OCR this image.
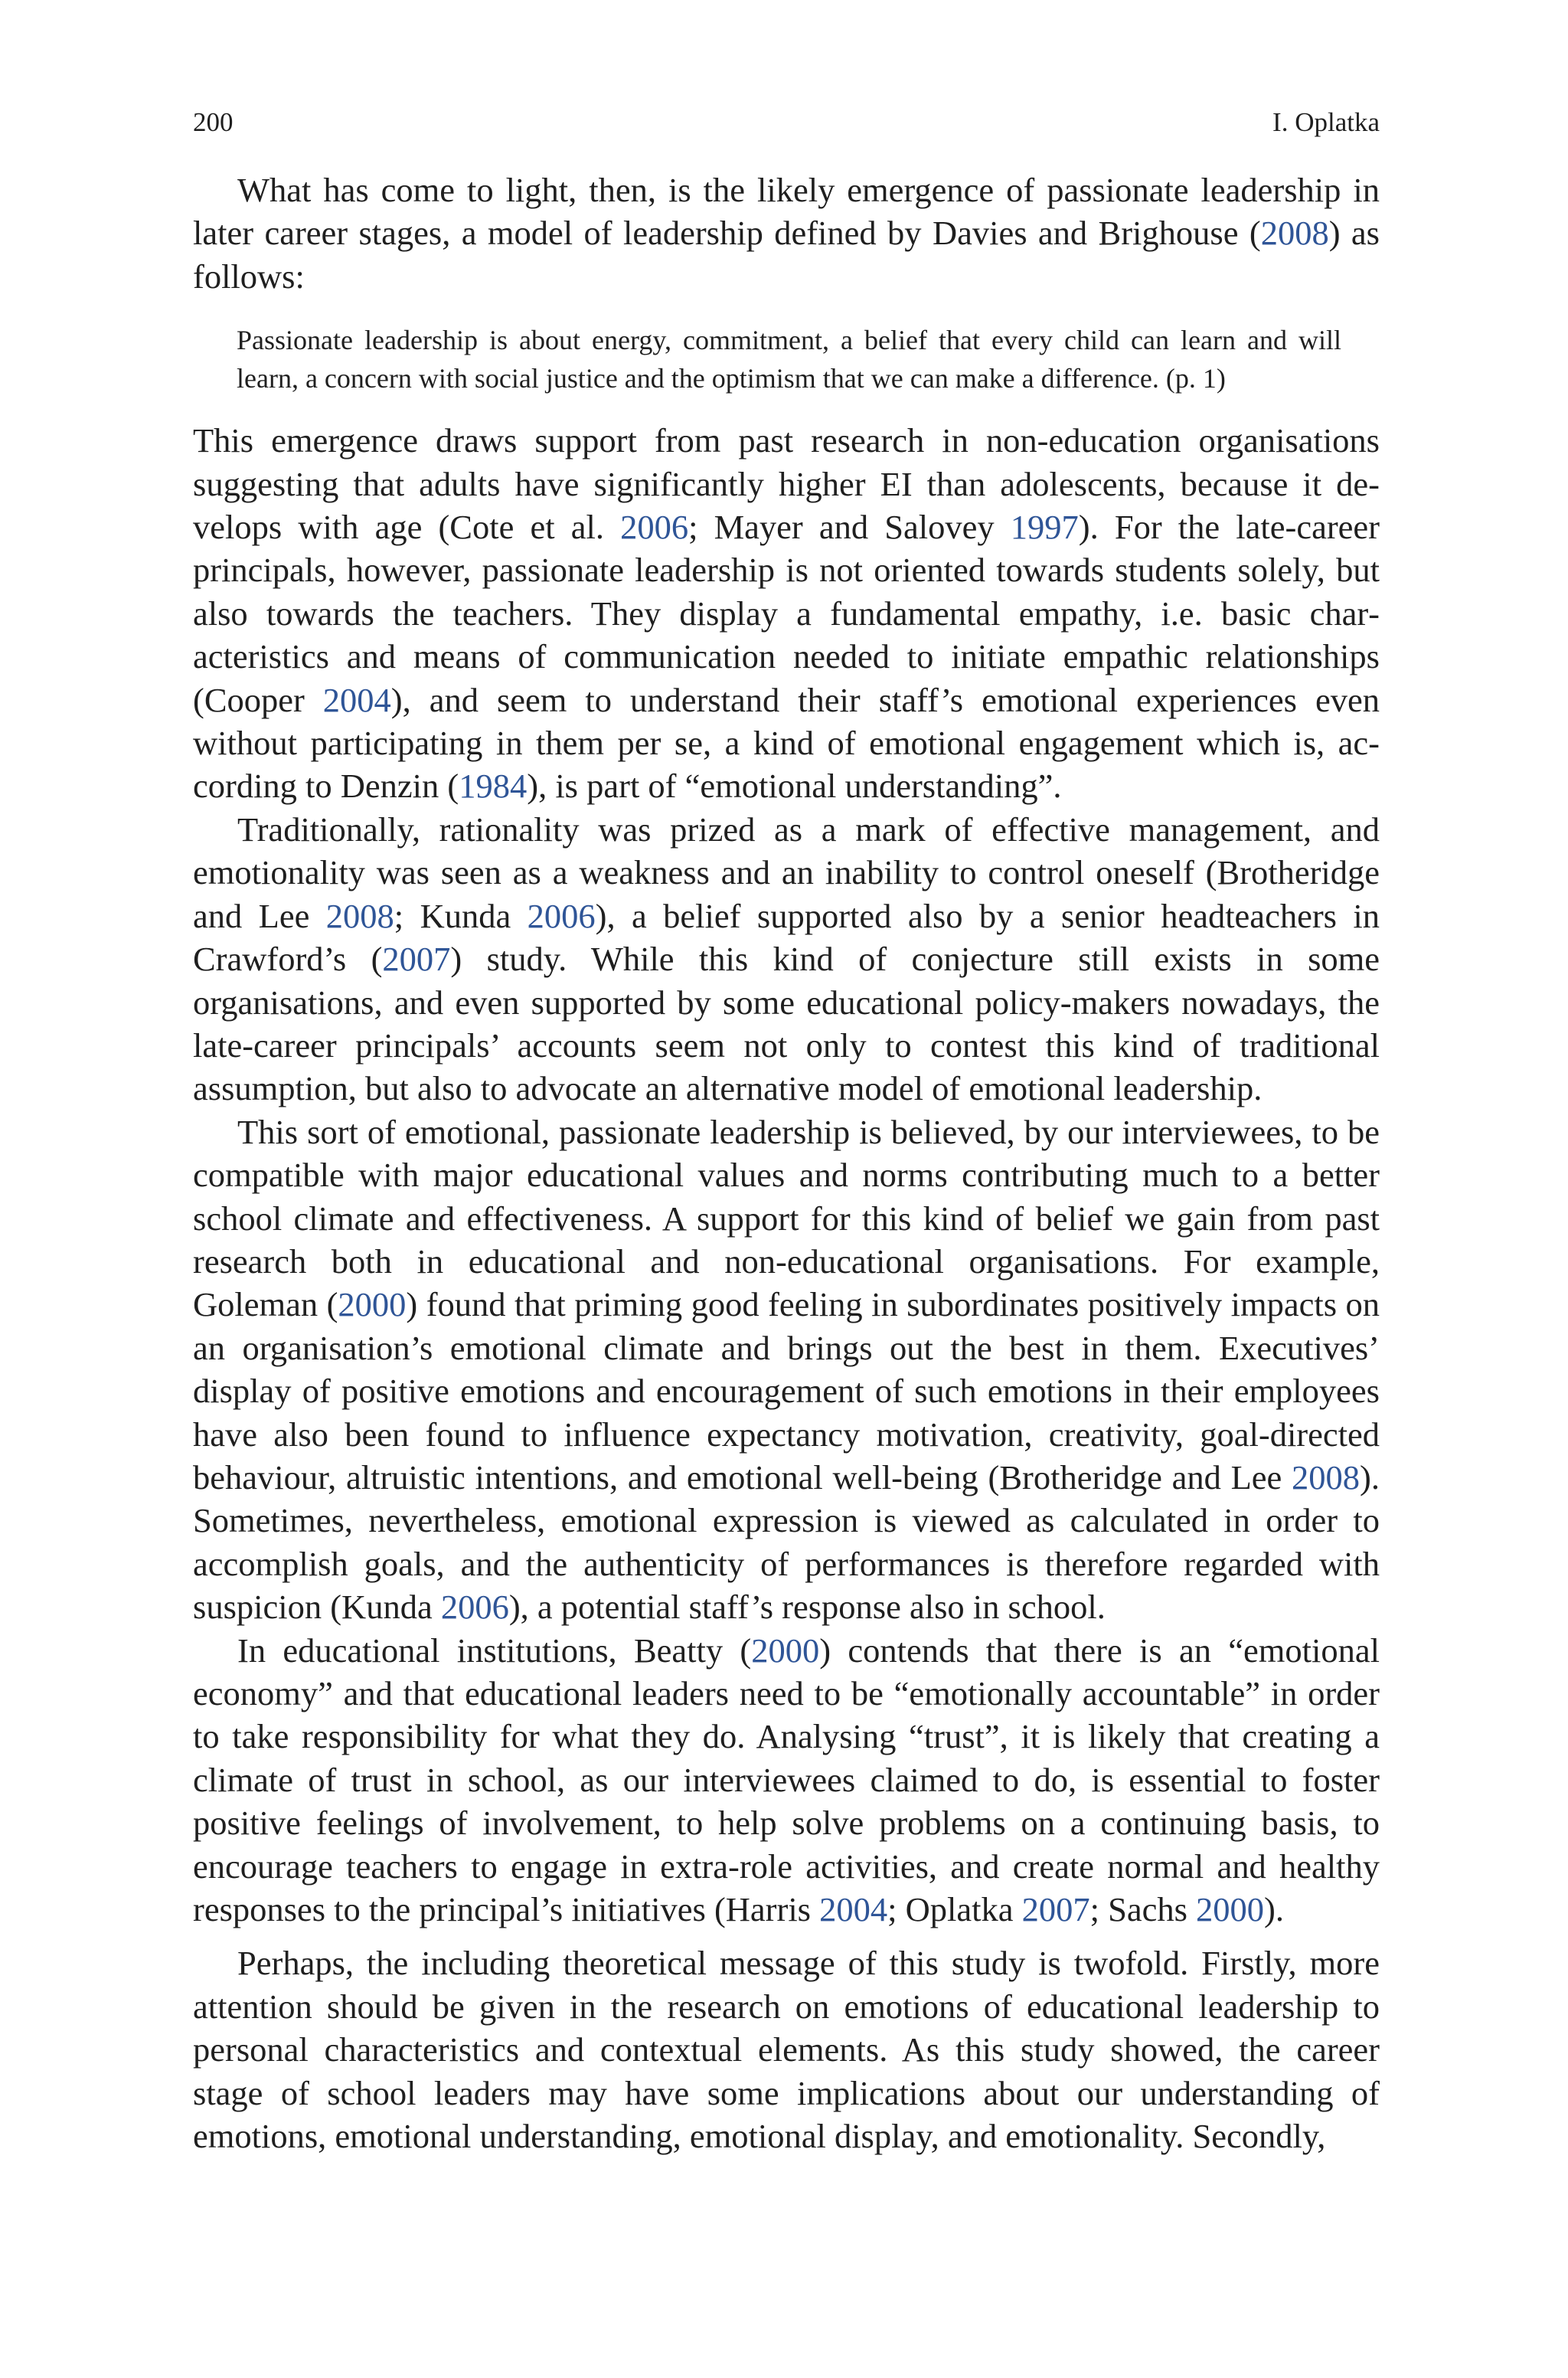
200	I. Oplatka

What has come to light, then, is the likely emergence of passionate leadership in later career stages, a model of leadership defined by Davies and Brighouse (2008) as follows:

Passionate leadership is about energy, commitment, a belief that every child can learn and will learn, a concern with social justice and the optimism that we can make a difference. (p. 1)

This emergence draws support from past research in non-education organisations suggesting that adults have significantly higher EI than adolescents, because it develops with age (Cote et al. 2006; Mayer and Salovey 1997). For the late-career principals, however, passionate leadership is not oriented towards students solely, but also towards the teachers. They display a fundamental empathy, i.e. basic characteristics and means of communication needed to initiate empathic relationships (Cooper 2004), and seem to understand their staff’s emotional experiences even without participating in them per se, a kind of emotional engagement which is, according to Denzin (1984), is part of “emotional understanding”.

Traditionally, rationality was prized as a mark of effective management, and emotionality was seen as a weakness and an inability to control oneself (Brotheridge and Lee 2008; Kunda 2006), a belief supported also by a senior headteachers in Crawford’s (2007) study. While this kind of conjecture still exists in some organisations, and even supported by some educational policy-makers nowadays, the late-career principals’ accounts seem not only to contest this kind of traditional assumption, but also to advocate an alternative model of emotional leadership.

This sort of emotional, passionate leadership is believed, by our interviewees, to be compatible with major educational values and norms contributing much to a better school climate and effectiveness. A support for this kind of belief we gain from past research both in educational and non-educational organisations. For example, Goleman (2000) found that priming good feeling in subordinates positively impacts on an organisation’s emotional climate and brings out the best in them. Executives’ display of positive emotions and encouragement of such emotions in their employees have also been found to influence expectancy motivation, creativity, goal-directed behaviour, altruistic intentions, and emotional well-being (Brotheridge and Lee 2008). Sometimes, nevertheless, emotional expression is viewed as calculated in order to accomplish goals, and the authenticity of performances is therefore regarded with suspicion (Kunda 2006), a potential staff’s response also in school.

In educational institutions, Beatty (2000) contends that there is an “emotional economy” and that educational leaders need to be “emotionally accountable” in order to take responsibility for what they do. Analysing “trust”, it is likely that creating a climate of trust in school, as our interviewees claimed to do, is essential to foster positive feelings of involvement, to help solve problems on a continuing basis, to encourage teachers to engage in extra-role activities, and create normal and healthy responses to the principal’s initiatives (Harris 2004; Oplatka 2007; Sachs 2000).

Perhaps, the including theoretical message of this study is twofold. Firstly, more attention should be given in the research on emotions of educational leadership to personal characteristics and contextual elements. As this study showed, the career stage of school leaders may have some implications about our understanding of emotions, emotional understanding, emotional display, and emotionality. Secondly,
